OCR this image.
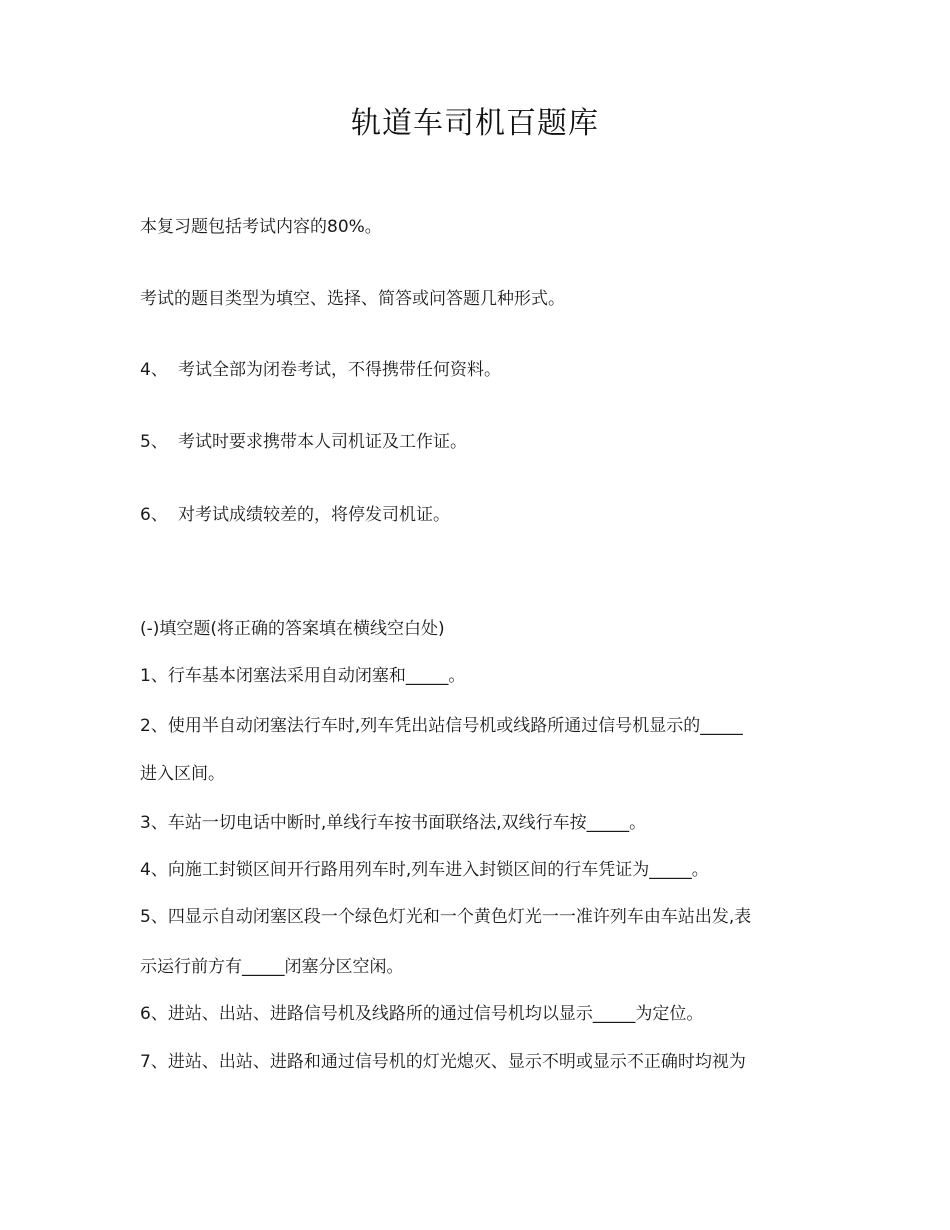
轨道车司机百题库
本复习题包括考试内容的80%。
考试的题目类型为填空、选择、简答或问答题几种形式。
4、 考试全部为闭卷考试，不得携带任何资料。
5、 考试时要求携带本人司机证及工作证。
6、 对考试成绩较差的，将停发司机证。
(-)填空题(将正确的答案填在横线空白处)
1、行车基本闭塞法采用自动闭塞和_____。
2、使用半自动闭塞法行车时,列车凭出站信号机或线路所通过信号机显示的_____
进入区间。
3、车站一切电话中断时,单线行车按书面联络法,双线行车按_____。
4、向施工封锁区间开行路用列车时,列车进入封锁区间的行车凭证为_____。
5、四显示自动闭塞区段一个绿色灯光和一个黄色灯光一一准许列车由车站出发,表
示运行前方有_____闭塞分区空闲。
6、进站、出站、进路信号机及线路所的通过信号机均以显示_____为定位。
7、进站、出站、进路和通过信号机的灯光熄灭、显示不明或显示不正确时均视为
